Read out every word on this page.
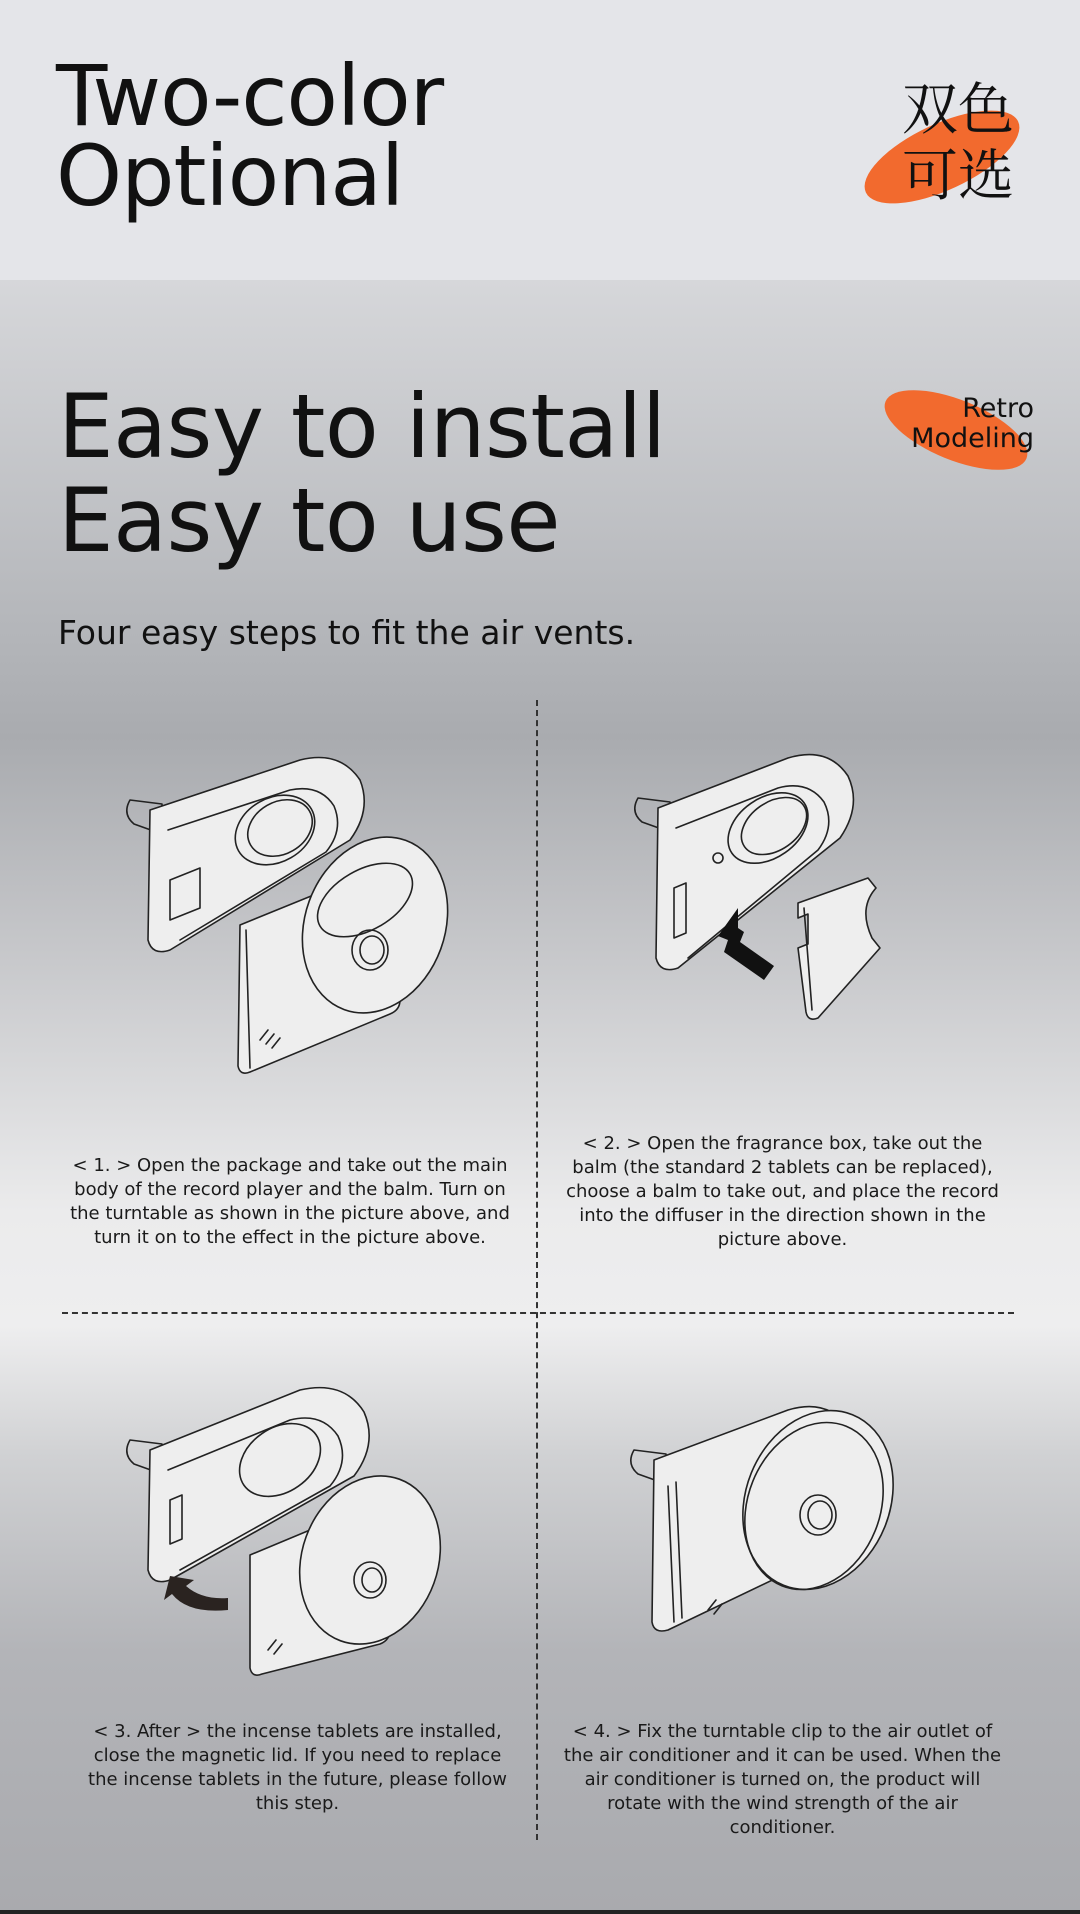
Two-color
Optional
双色
可选
Easy to install
Easy to use
Retro
Modeling

Four easy steps to fit the air vents.

< 1. > Open the package and take out the main body of the record player and the balm. Turn on the turntable as shown in the picture above, and turn it on to the effect in the picture above.

< 2. > Open the fragrance box, take out the balm (the standard 2 tablets can be replaced), choose a balm to take out, and place the record into the diffuser in the direction shown in the picture above.

< 3. After > the incense tablets are installed, close the magnetic lid. If you need to replace the incense tablets in the future, please follow this step.

< 4. > Fix the turntable clip to the air outlet of the air conditioner and it can be used. When the air conditioner is turned on, the product will rotate with the wind strength of the air conditioner.
